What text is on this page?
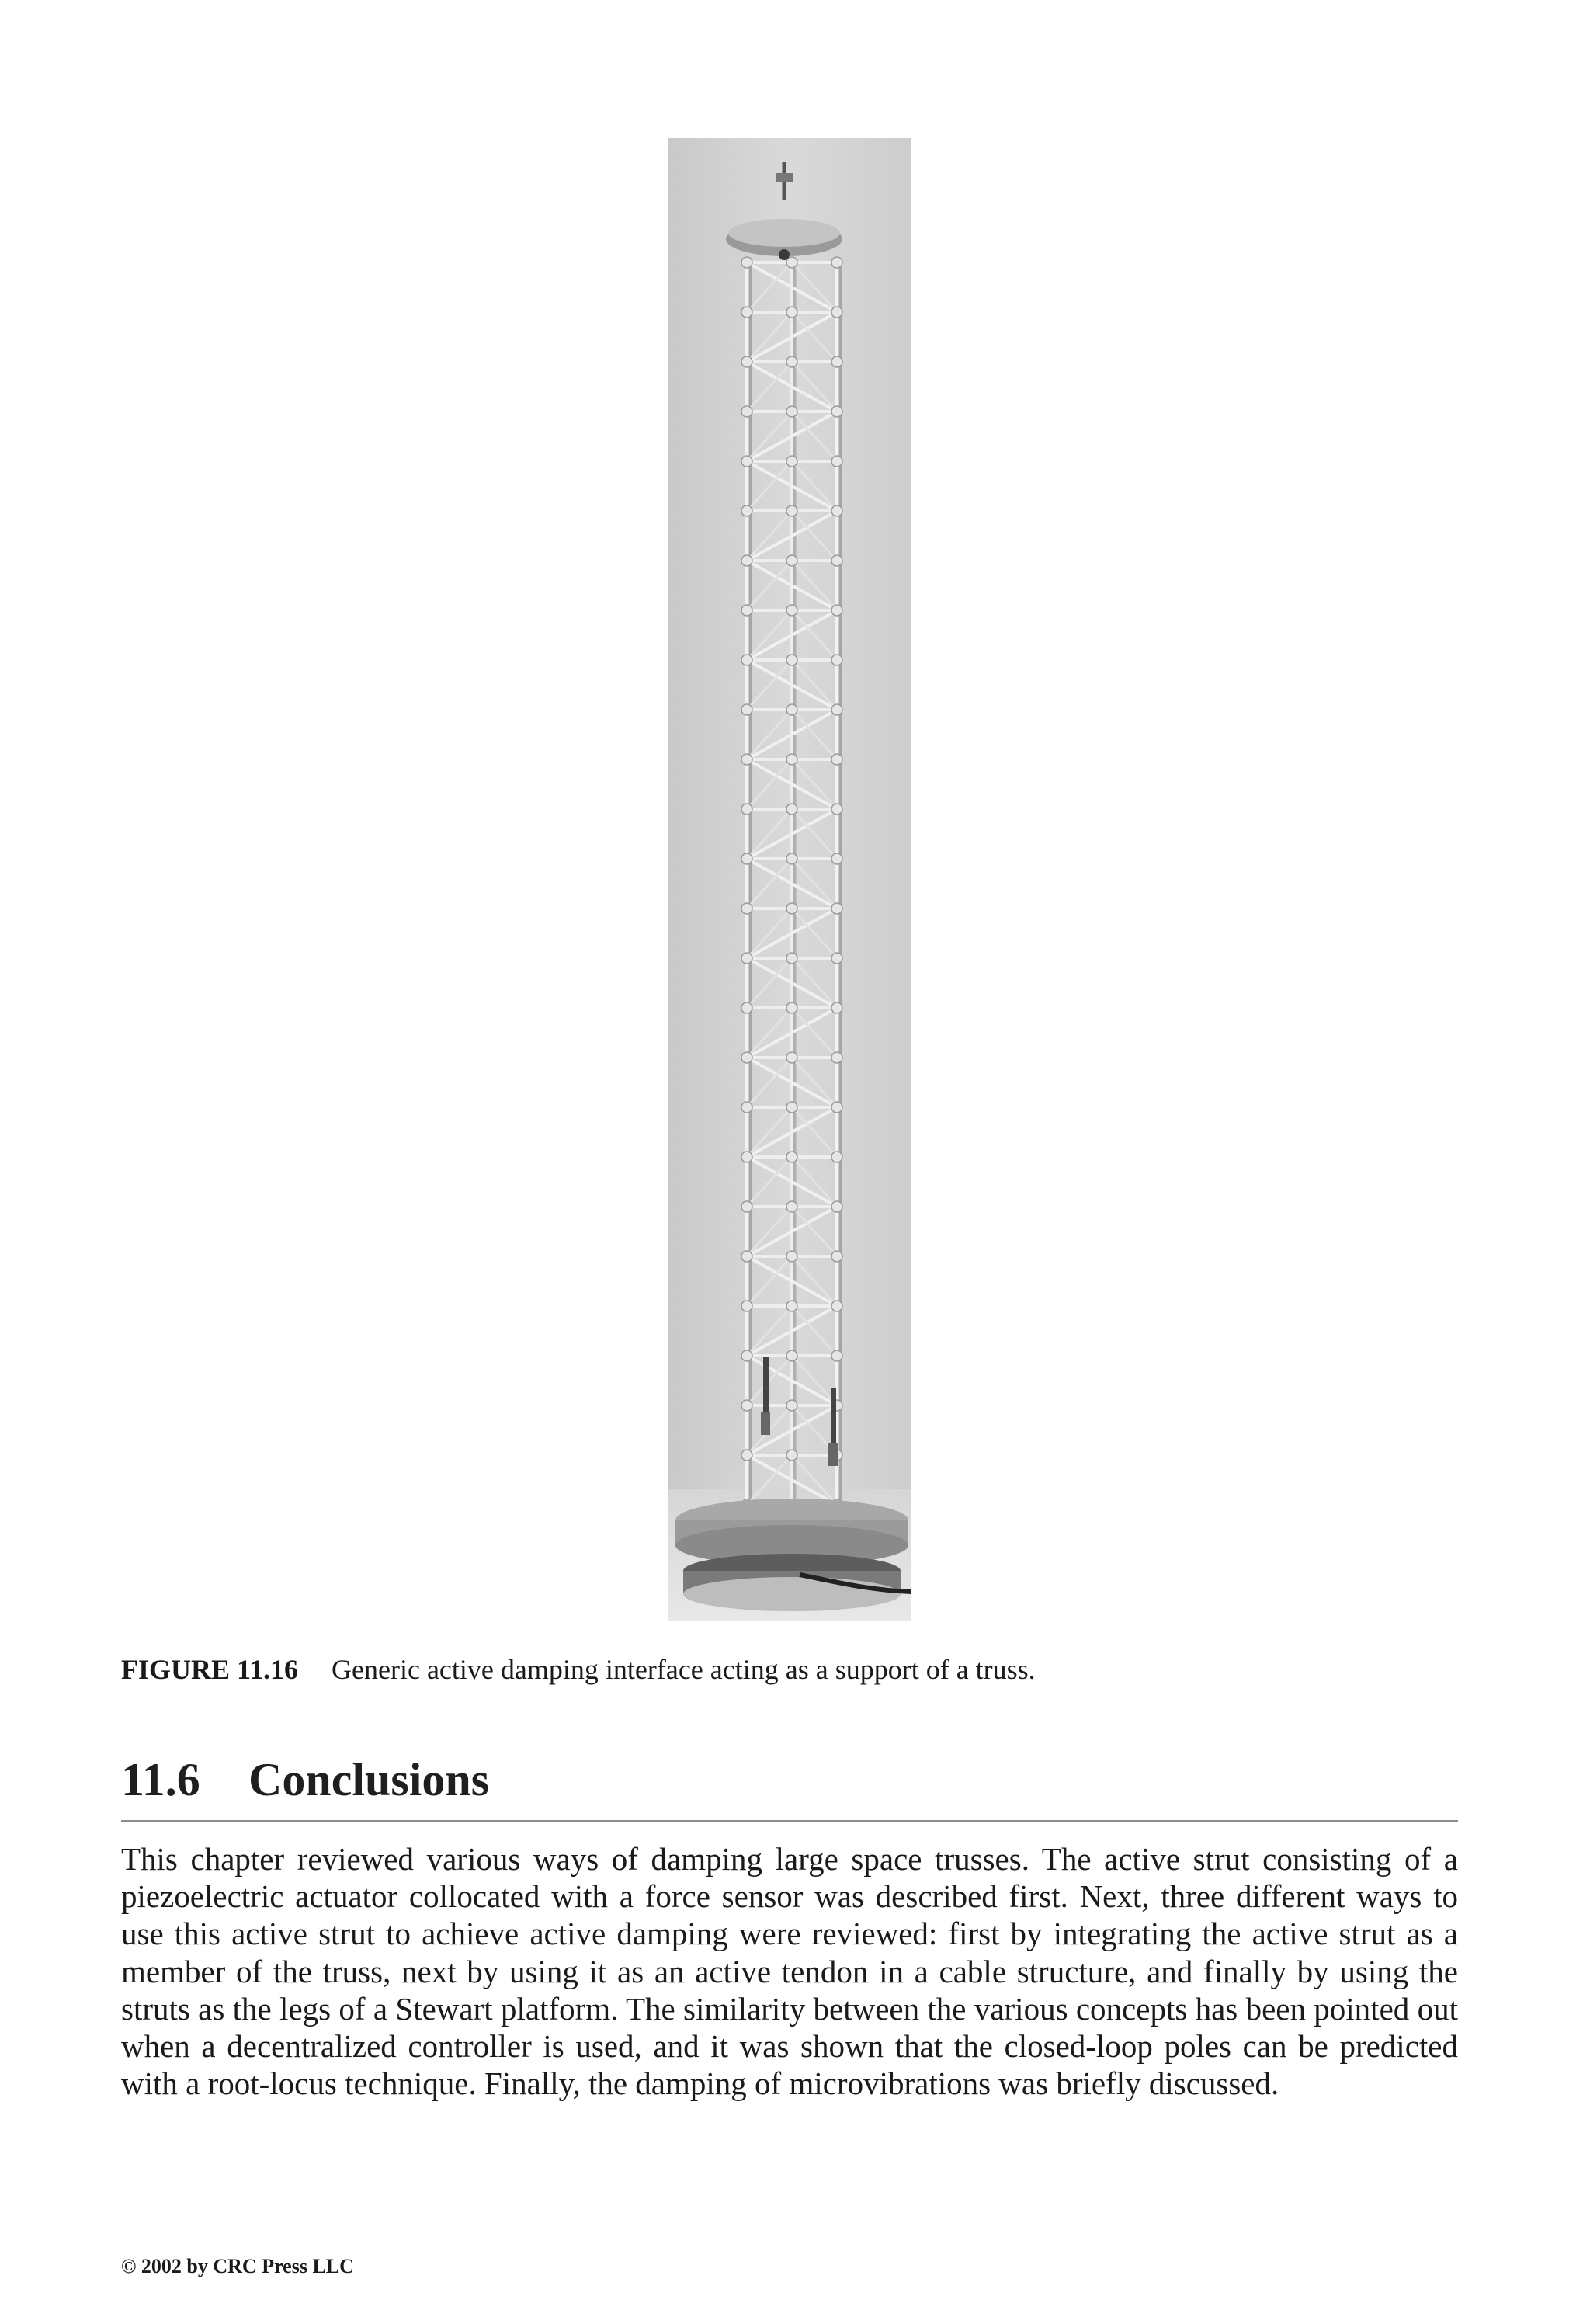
FIGURE 11.16 Generic active damping interface acting as a support of a truss.
11.6 Conclusions

This chapter reviewed various ways of damping large space trusses. The active strut consisting of a piezoelectric actuator collocated with a force sensor was described first. Next, three different ways to use this active strut to achieve active damping were reviewed: first by integrating the active strut as a member of the truss, next by using it as an active tendon in a cable structure, and finally by using the struts as the legs of a Stewart platform. The similarity between the various concepts has been pointed out when a decentralized controller is used, and it was shown that the closed-loop poles can be predicted with a root-locus technique. Finally, the damping of microvibrations was briefly discussed.

© 2002 by CRC Press LLC
